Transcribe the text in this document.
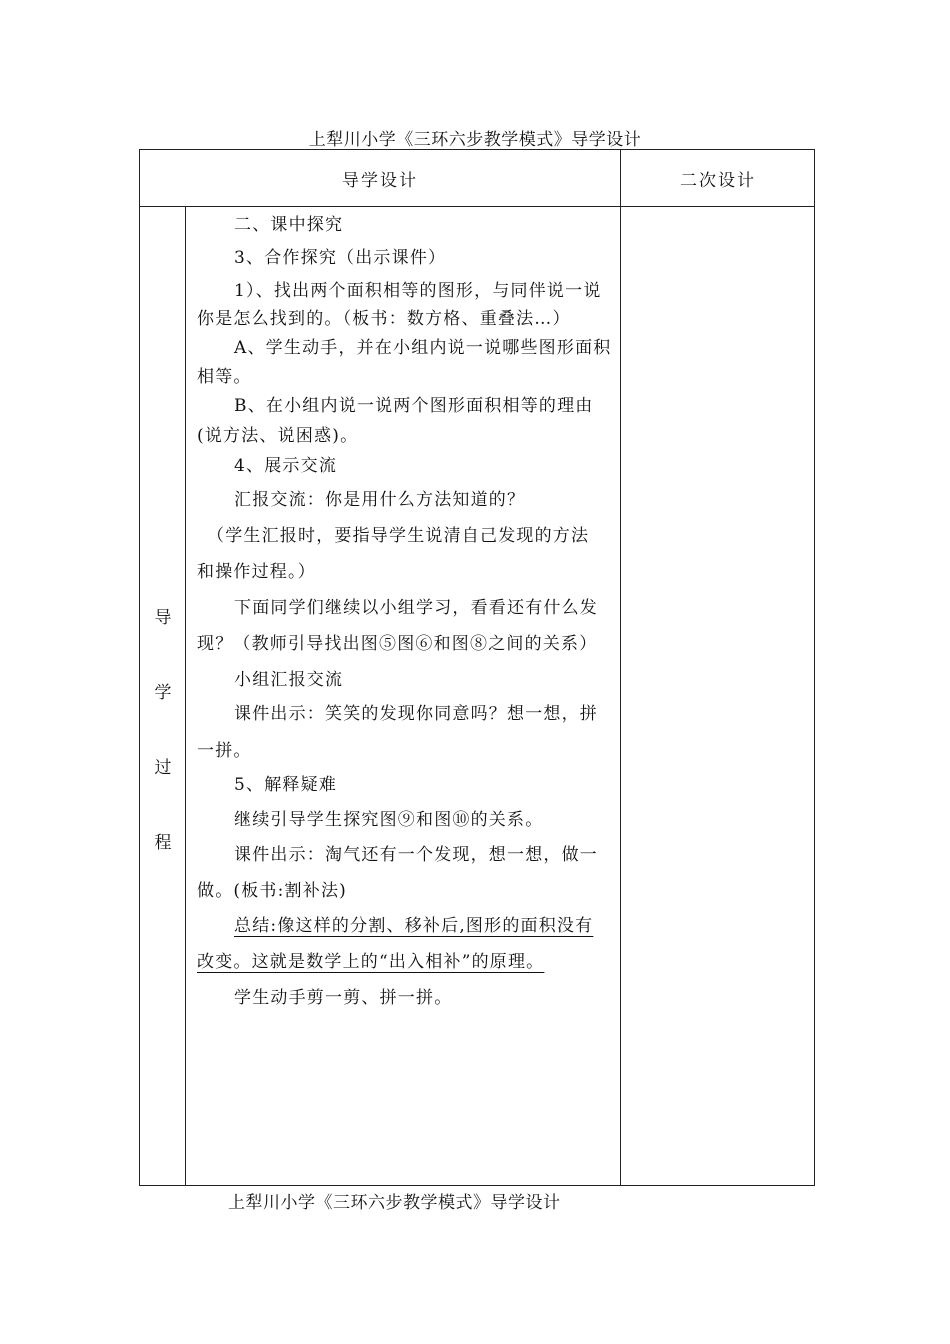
上犁川小学《三环六步教学模式》导学设计
导学设计	二次设计
导
学
过
程
二、课中探究
3、合作探究（出示课件）
1）、找出两个面积相等的图形，与同伴说一说
你是怎么找到的。（板书：数方格、重叠法…）
A、学生动手，并在小组内说一说哪些图形面积
相等。
B、在小组内说一说两个图形面积相等的理由
(说方法、说困惑)。
4、展示交流
汇报交流：你是用什么方法知道的？
（学生汇报时，要指导学生说清自己发现的方法
和操作过程。）
下面同学们继续以小组学习，看看还有什么发
现？（教师引导找出图⑤图⑥和图⑧之间的关系）
小组汇报交流
课件出示：笑笑的发现你同意吗？想一想，拼
一拼。
5、解释疑难
继续引导学生探究图⑨和图⑩的关系。
课件出示：淘气还有一个发现，想一想，做一
做。(板书:割补法)
总结:像这样的分割、移补后,图形的面积没有
改变。这就是数学上的“出入相补”的原理。
学生动手剪一剪、拼一拼。
上犁川小学《三环六步教学模式》导学设计
